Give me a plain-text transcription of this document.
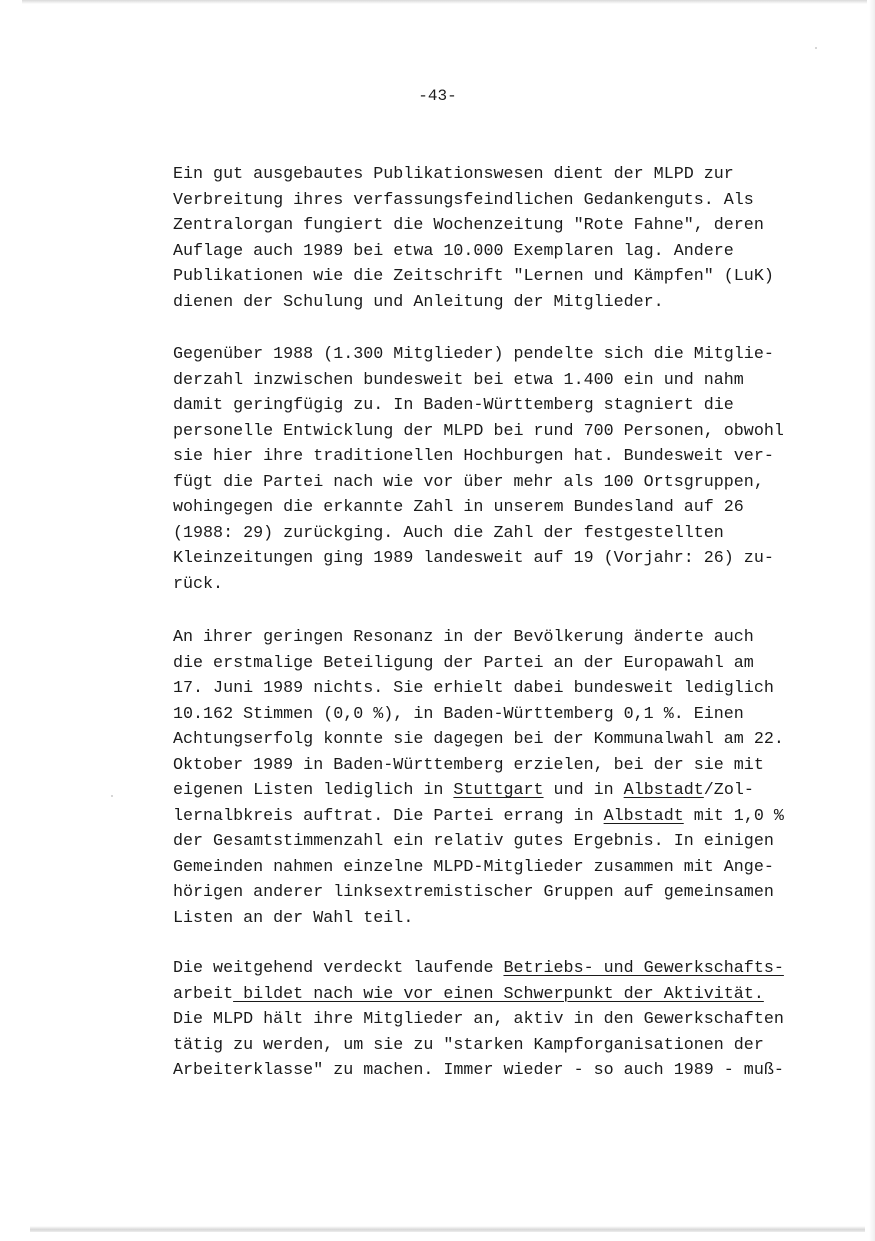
-43-
Ein gut ausgebautes Publikationswesen dient der MLPD zur
Verbreitung ihres verfassungsfeindlichen Gedankenguts. Als
Zentralorgan fungiert die Wochenzeitung "Rote Fahne", deren
Auflage auch 1989 bei etwa 10.000 Exemplaren lag. Andere
Publikationen wie die Zeitschrift "Lernen und Kämpfen" (LuK)
dienen der Schulung und Anleitung der Mitglieder.
Gegenüber 1988 (1.300 Mitglieder) pendelte sich die Mitglie-
derzahl inzwischen bundesweit bei etwa 1.400 ein und nahm
damit geringfügig zu. In Baden-Württemberg stagniert die
personelle Entwicklung der MLPD bei rund 700 Personen, obwohl
sie hier ihre traditionellen Hochburgen hat. Bundesweit ver-
fügt die Partei nach wie vor über mehr als 100 Ortsgruppen,
wohingegen die erkannte Zahl in unserem Bundesland auf 26
(1988: 29) zurückging. Auch die Zahl der festgestellten
Kleinzeitungen ging 1989 landesweit auf 19 (Vorjahr: 26) zu-
rück.
An ihrer geringen Resonanz in der Bevölkerung änderte auch
die erstmalige Beteiligung der Partei an der Europawahl am
17. Juni 1989 nichts. Sie erhielt dabei bundesweit lediglich
10.162 Stimmen (0,0 %), in Baden-Württemberg 0,1 %. Einen
Achtungserfolg konnte sie dagegen bei der Kommunalwahl am 22.
Oktober 1989 in Baden-Württemberg erzielen, bei der sie mit
eigenen Listen lediglich in Stuttgart und in Albstadt/Zol-
lernalbkreis auftrat. Die Partei errang in Albstadt mit 1,0 %
der Gesamtstimmenzahl ein relativ gutes Ergebnis. In einigen
Gemeinden nahmen einzelne MLPD-Mitglieder zusammen mit Ange-
hörigen anderer linksextremistischer Gruppen auf gemeinsamen
Listen an der Wahl teil.
Die weitgehend verdeckt laufende Betriebs- und Gewerkschafts-
arbeit bildet nach wie vor einen Schwerpunkt der Aktivität.
Die MLPD hält ihre Mitglieder an, aktiv in den Gewerkschaften
tätig zu werden, um sie zu "starken Kampforganisationen der
Arbeiterklasse" zu machen. Immer wieder - so auch 1989 - muß-
